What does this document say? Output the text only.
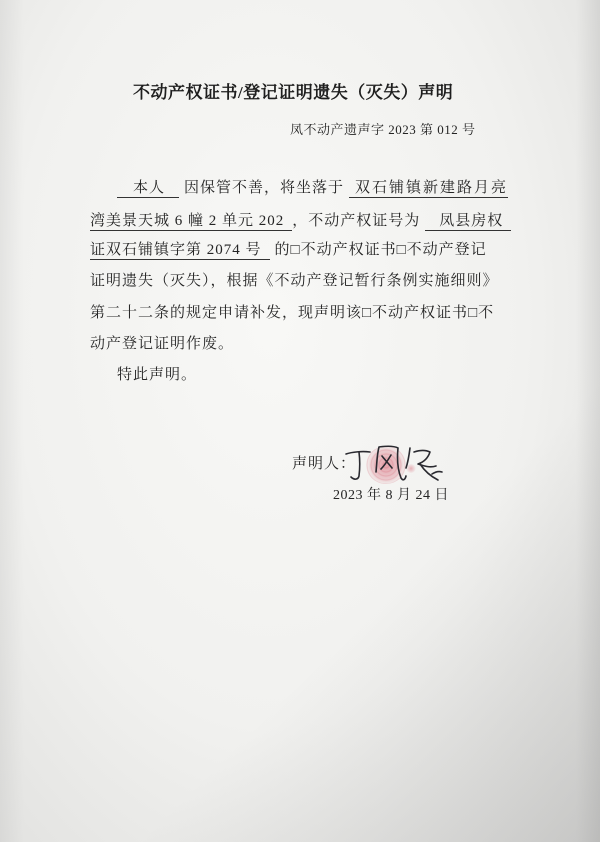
不动产权证书/登记证明遗失（灭失）声明
凤不动产遗声字 2023 第 012 号
本人 因保管不善，将坐落于 双石铺镇新建路月亮
湾美景天城 6 幢 2 单元 202 ，不动产权证号为 凤县房权
证双石铺镇字第 2074 号 的□不动产权证书□不动产登记
证明遗失（灭失），根据《不动产登记暂行条例实施细则》
第二十二条的规定申请补发，现声明该□不动产权证书□不
动产登记证明作废。
特此声明。
声明人：
2023 年 8 月 24 日
